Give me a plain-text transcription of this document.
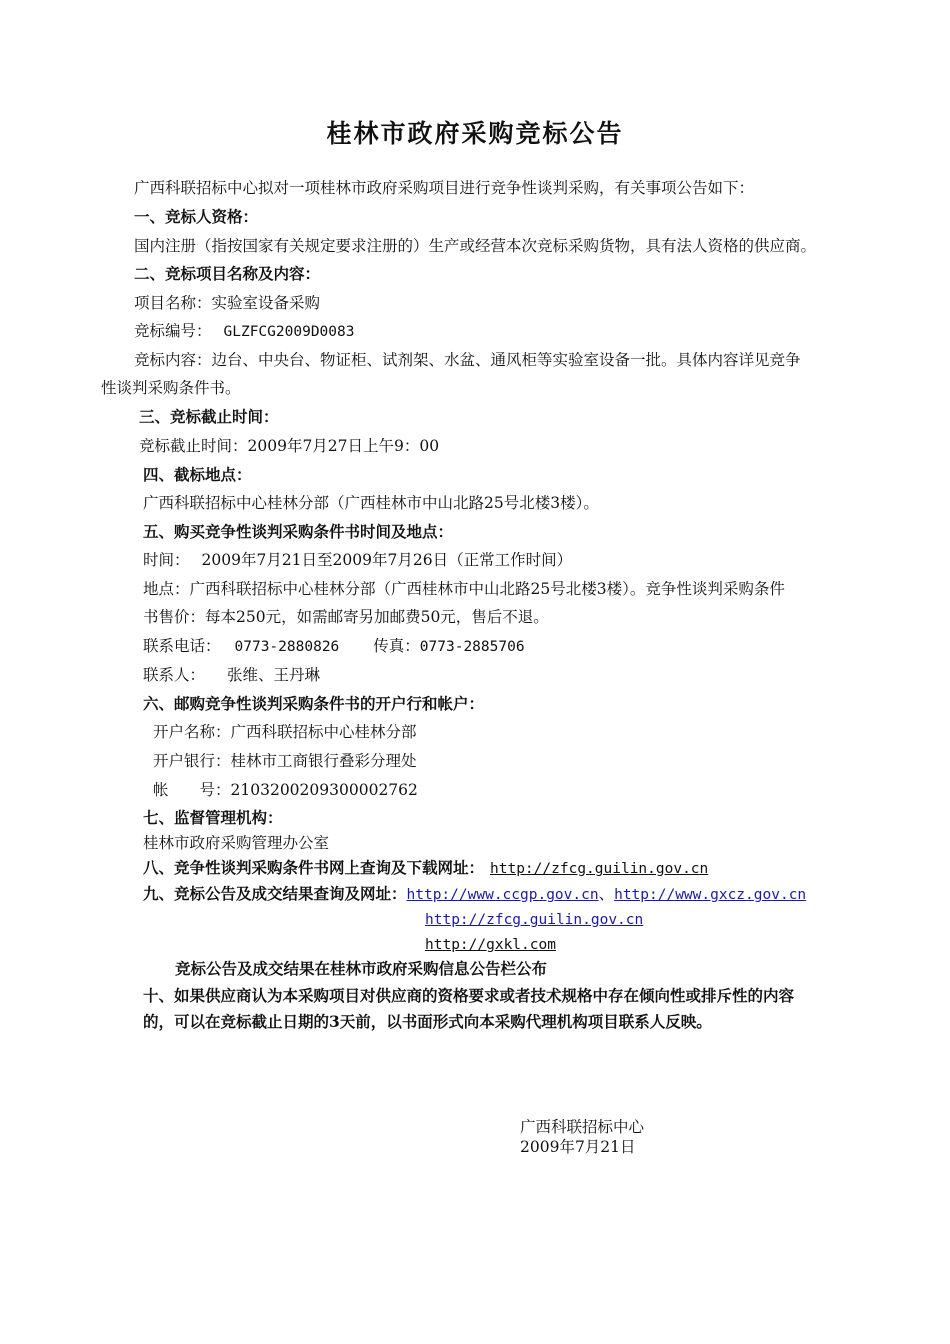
桂林市政府采购竞标公告
广西科联招标中心拟对一项桂林市政府采购项目进行竞争性谈判采购，有关事项公告如下：
一、竞标人资格：
国内注册（指按国家有关规定要求注册的）生产或经营本次竞标采购货物，具有法人资格的供应商。
二、竞标项目名称及内容：
项目名称：实验室设备采购
竞标编号： GLZFCG2009D0083
竞标内容：边台、中央台、物证柜、试剂架、水盆、通风柜等实验室设备一批。具体内容详见竞争
性谈判采购条件书。
三、竞标截止时间：
竞标截止时间：2009年7月27日上午9：00
四、截标地点：
广西科联招标中心桂林分部（广西桂林市中山北路25号北楼3楼）。
五、购买竞争性谈判采购条件书时间及地点：
时间： 2009年7月21日至2009年7月26日（正常工作时间）
地点：广西科联招标中心桂林分部（广西桂林市中山北路25号北楼3楼）。竞争性谈判采购条件
书售价：每本250元，如需邮寄另加邮费50元，售后不退。
联系电话： 0773-2880826 传真：0773-2885706
联系人： 张维、王丹琳
六、邮购竞争性谈判采购条件书的开户行和帐户：
开户名称：广西科联招标中心桂林分部
开户银行：桂林市工商银行叠彩分理处
帐　　号：2103200209300002762
七、监督管理机构：
桂林市政府采购管理办公室
八、竞争性谈判采购条件书网上查询及下载网址： http://zfcg.guilin.gov.cn
九、竞标公告及成交结果查询及网址：http://www.ccgp.gov.cn、http://www.gxcz.gov.cn
http://zfcg.guilin.gov.cn
http://gxkl.com
竞标公告及成交结果在桂林市政府采购信息公告栏公布
十、如果供应商认为本采购项目对供应商的资格要求或者技术规格中存在倾向性或排斥性的内容
的，可以在竞标截止日期的3天前，以书面形式向本采购代理机构项目联系人反映。
广西科联招标中心
2009年7月21日
